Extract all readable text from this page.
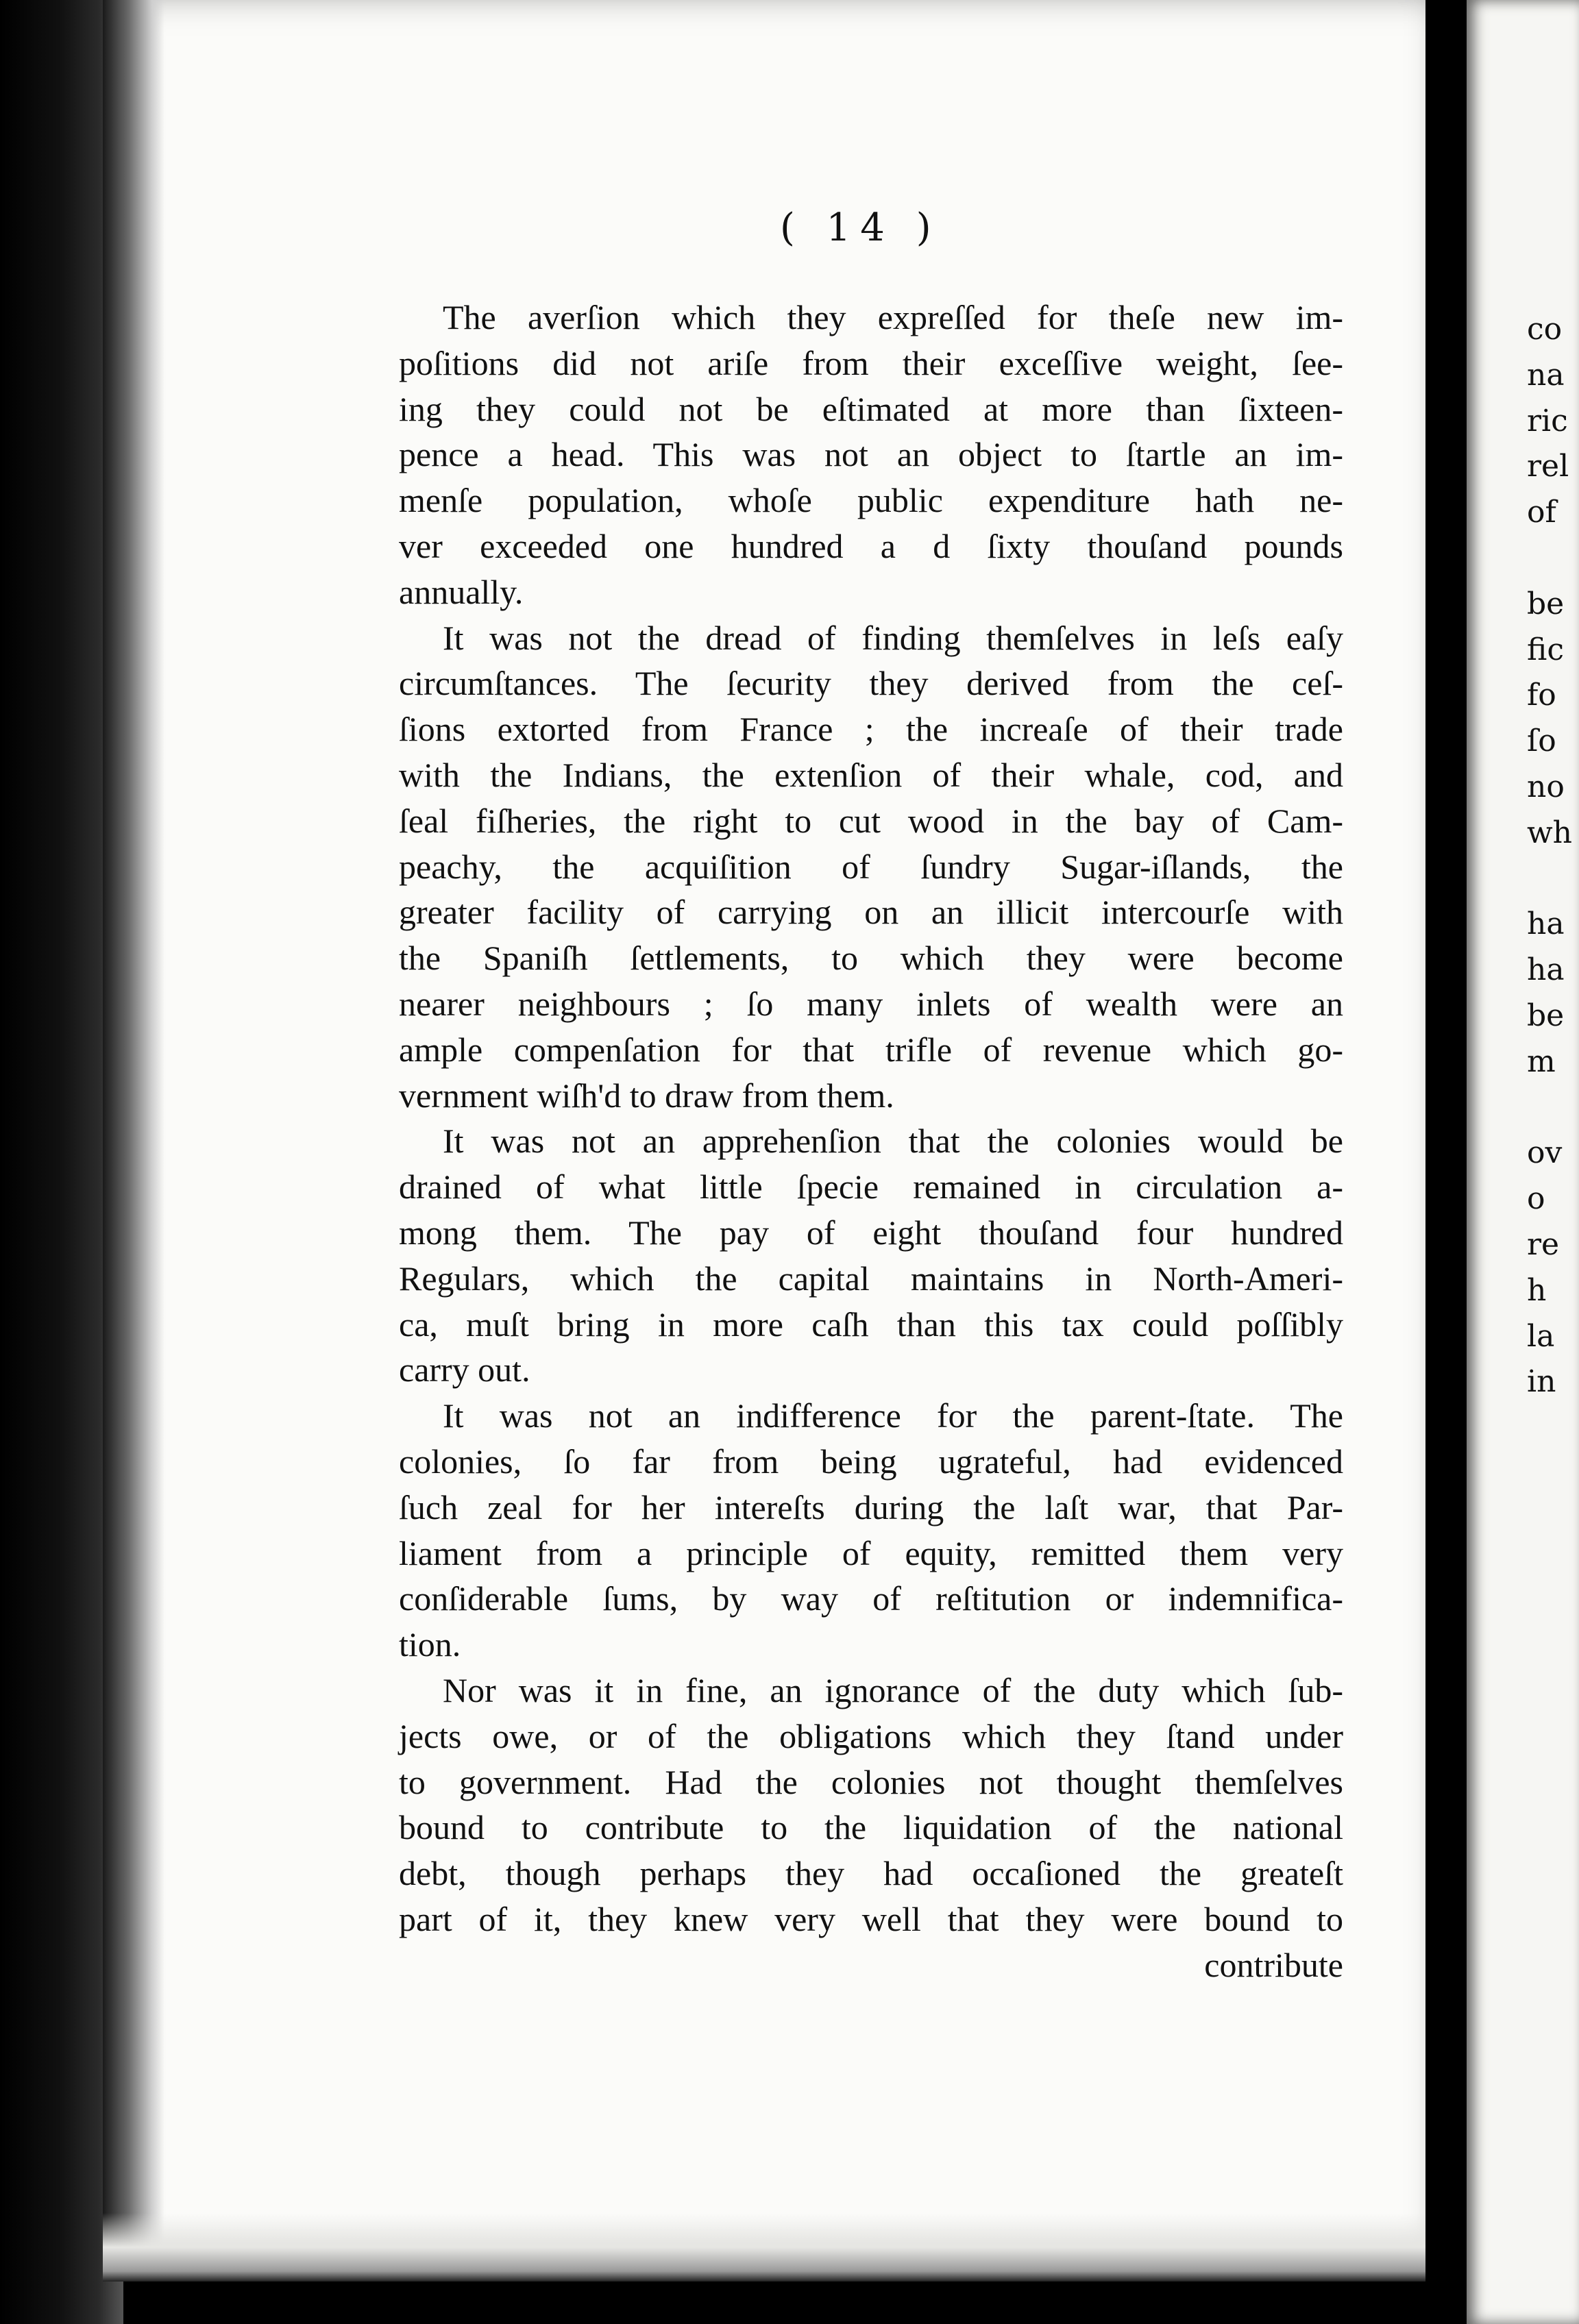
co
na
ric
rel
of
be
fic
fo
ſo
no
wh
ha
ha
be
m
ov
o
re
h
la
in
( 14 )
The averſion which they expreſſed for theſe new im-
poſitions did not ariſe from their exceſſive weight, ſee-
ing they could not be eſtimated at more than ſixteen-
pence a head. This was not an object to ſtartle an im-
menſe population, whoſe public expenditure hath ne-
ver exceeded one hundred a d ſixty thouſand pounds
annually.
It was not the dread of finding themſelves in leſs eaſy
circumſtances. The ſecurity they derived from the ceſ-
ſions extorted from France ; the increaſe of their trade
with the Indians, the extenſion of their whale, cod, and
ſeal fiſheries, the right to cut wood in the bay of Cam-
peachy, the acquiſition of ſundry Sugar-iſlands, the
greater facility of carrying on an illicit intercourſe with
the Spaniſh ſettlements, to which they were become
nearer neighbours ; ſo many inlets of wealth were an
ample compenſation for that trifle of revenue which go-
vernment wiſh'd to draw from them.
It was not an apprehenſion that the colonies would be
drained of what little ſpecie remained in circulation a-
mong them. The pay of eight thouſand four hundred
Regulars, which the capital maintains in North-Ameri-
ca, muſt bring in more caſh than this tax could poſſibly
carry out.
It was not an indifference for the parent-ſtate. The
colonies, ſo far from being ugrateful, had evidenced
ſuch zeal for her intereſts during the laſt war, that Par-
liament from a principle of equity, remitted them very
conſiderable ſums, by way of reſtitution or indemnifica-
tion.
Nor was it in fine, an ignorance of the duty which ſub-
jects owe, or of the obligations which they ſtand under
to government. Had the colonies not thought themſelves
bound to contribute to the liquidation of the national
debt, though perhaps they had occaſioned the greateſt
part of it, they knew very well that they were bound to
contribute
